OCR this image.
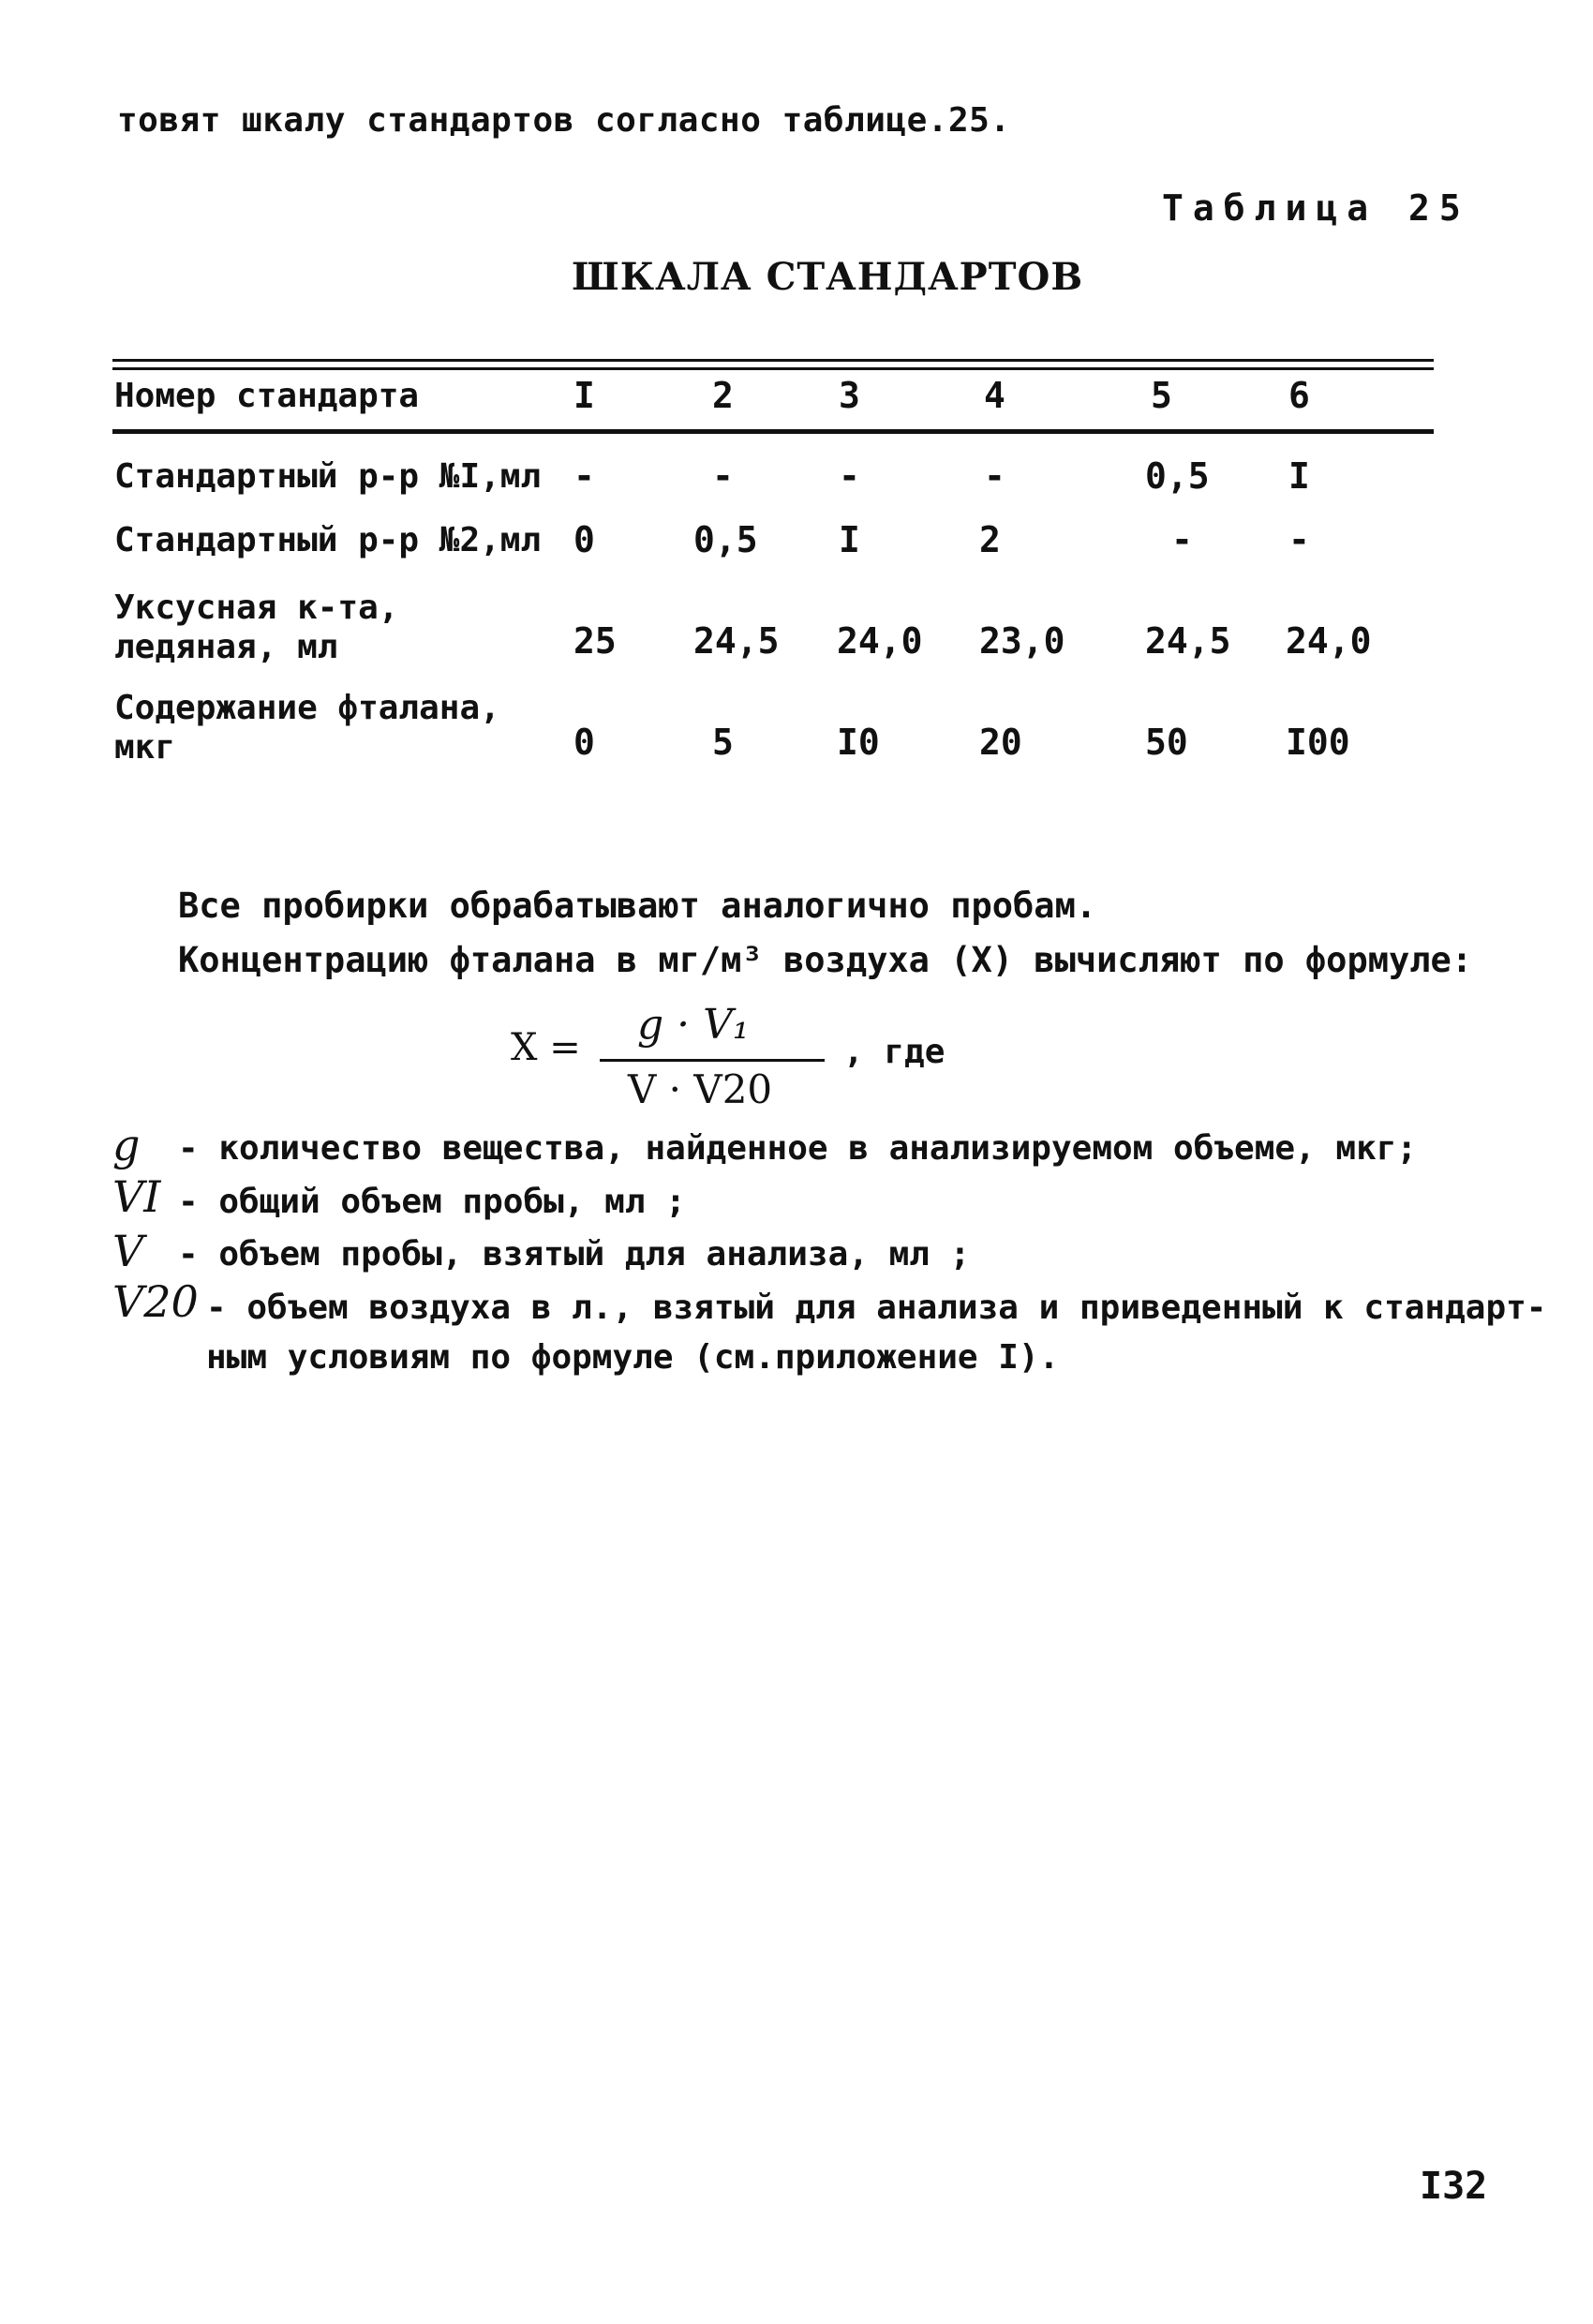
товят шкалу стандартов согласно таблице.25.
Таблица 25
ШКАЛА СТАНДАРТОВ
Номер стандарта	I	2	3	4	5	6
Стандартный р-р №I,мл -	-	-	-	0,5 I
Стандартный р-р №2,мл 0	0,5 I	2	-	-
Уксусная к-та,
ледяная, мл	25 24,5 24,0 23,0 24,5 24,0
Содержание фталана,
мкг	0	5	I0	20	50	I00
Все пробирки обрабатывают аналогично пробам.
Концентрацию фталана в мг/м³ воздуха (X) вычисляют по формуле:
X = g · V₁
V · V20
, где
g - количество вещества, найденное в анализируемом объеме, мкг;
VI - общий объем пробы, мл ;
V - объем пробы, взятый для анализа, мл ;
V20 - объем воздуха в л., взятый для анализа и приведенный к стандарт-
ным условиям по формуле (см.приложение I).
I32
